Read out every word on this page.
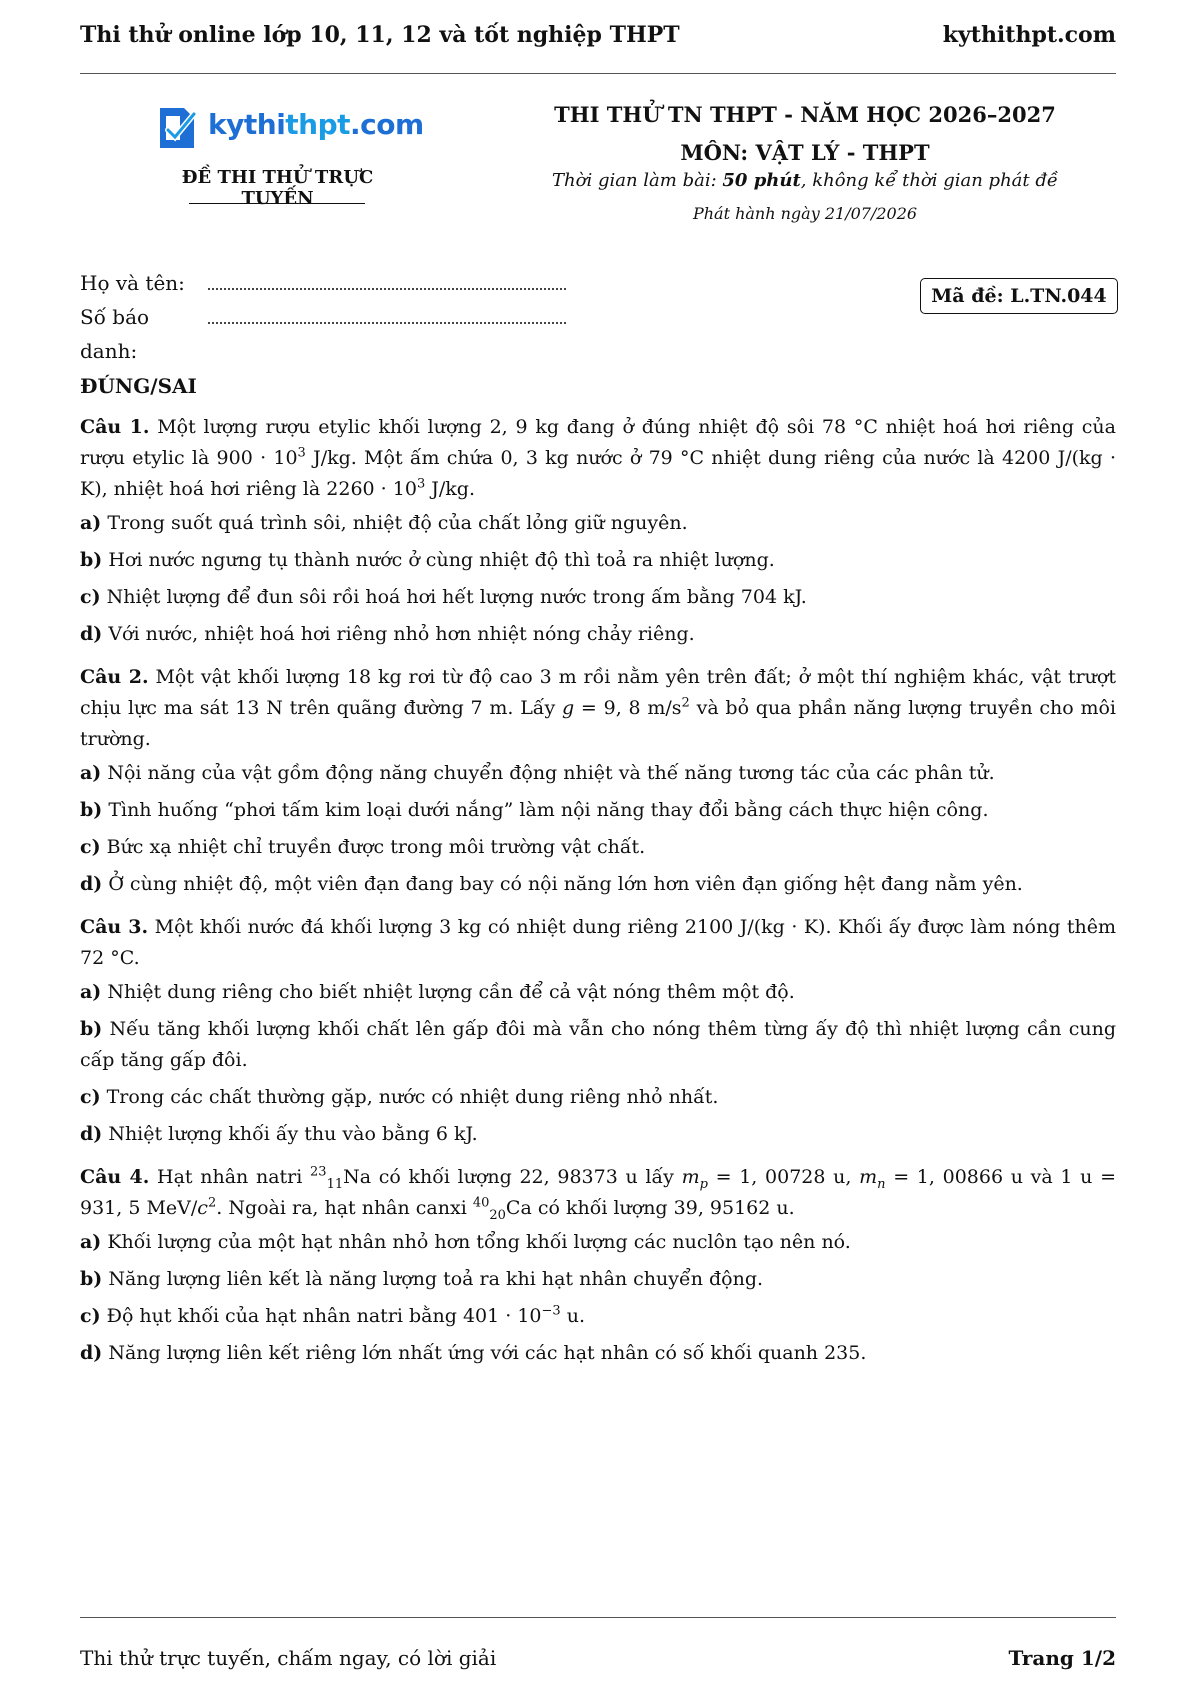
Thi thử online lớp 10, 11, 12 và tốt nghiệp THPT	kythithpt.com
kythithpt.com
ĐỀ THI THỬ TRỰC TUYẾN
THI THỬ TN THPT - NĂM HỌC 2026–2027
MÔN: VẬT LÝ - THPT
Thời gian làm bài: 50 phút, không kể thời gian phát đề
Phát hành ngày 21/07/2026
Họ và tên:
Số báo danh:
Mã đề: L.TN.044
ĐÚNG/SAI

Câu 1. Một lượng rượu etylic khối lượng 2, 9 kg đang ở đúng nhiệt độ sôi 78 °C nhiệt hoá hơi riêng của rượu etylic là $900 \cdot 10^3$ J/kg. Một ấm chứa 0, 3 kg nước ở 79 °C nhiệt dung riêng của nước là 4200 J/(kg · K), nhiệt hoá hơi riêng là $2260 \cdot 10^3$ J/kg.

a) Trong suốt quá trình sôi, nhiệt độ của chất lỏng giữ nguyên.

b) Hơi nước ngưng tụ thành nước ở cùng nhiệt độ thì toả ra nhiệt lượng.

c) Nhiệt lượng để đun sôi rồi hoá hơi hết lượng nước trong ấm bằng 704 kJ.

d) Với nước, nhiệt hoá hơi riêng nhỏ hơn nhiệt nóng chảy riêng.

Câu 2. Một vật khối lượng 18 kg rơi từ độ cao 3 m rồi nằm yên trên đất; ở một thí nghiệm khác, vật trượt chịu lực ma sát 13 N trên quãng đường 7 m. Lấy g = 9, 8 $m/s^2$ và bỏ qua phần năng lượng truyền cho môi trường.

a) Nội năng của vật gồm động năng chuyển động nhiệt và thế năng tương tác của các phân tử.

b) Tình huống “phơi tấm kim loại dưới nắng” làm nội năng thay đổi bằng cách thực hiện công.

c) Bức xạ nhiệt chỉ truyền được trong môi trường vật chất.

d) Ở cùng nhiệt độ, một viên đạn đang bay có nội năng lớn hơn viên đạn giống hệt đang nằm yên.

Câu 3. Một khối nước đá khối lượng 3 kg có nhiệt dung riêng 2100 J/(kg · K). Khối ấy được làm nóng thêm 72 °C.

a) Nhiệt dung riêng cho biết nhiệt lượng cần để cả vật nóng thêm một độ.

b) Nếu tăng khối lượng khối chất lên gấp đôi mà vẫn cho nóng thêm từng ấy độ thì nhiệt lượng cần cung cấp tăng gấp đôi.

c) Trong các chất thường gặp, nước có nhiệt dung riêng nhỏ nhất.

d) Nhiệt lượng khối ấy thu vào bằng 6 kJ.

Câu 4. Hạt nhân natri $^{23}_{11}$Na có khối lượng 22, 98373 u lấy $m_p = 1$, 00728 u, $m_n = 1$, 00866 u và 1 u = 931, 5 MeV/$c^2$. Ngoài ra, hạt nhân canxi $^{40}_{20}$Ca có khối lượng 39, 95162 u.

a) Khối lượng của một hạt nhân nhỏ hơn tổng khối lượng các nuclôn tạo nên nó.

b) Năng lượng liên kết là năng lượng toả ra khi hạt nhân chuyển động.

c) Độ hụt khối của hạt nhân natri bằng $401 \cdot 10^{-3}$ u.

d) Năng lượng liên kết riêng lớn nhất ứng với các hạt nhân có số khối quanh 235.

Thi thử trực tuyến, chấm ngay, có lời giải	Trang 1/2
